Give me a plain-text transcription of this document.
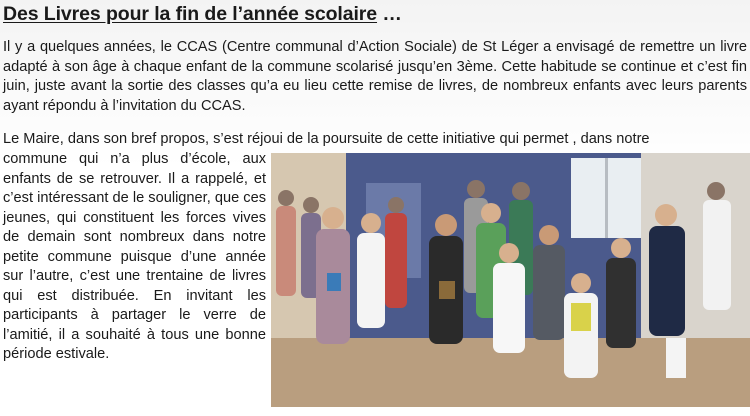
Des Livres pour la fin de l’année scolaire …

Il y a quelques années, le CCAS (Centre communal d’Action Sociale) de St Léger a envisagé de remettre un livre adapté à son âge à chaque enfant de la commune scolarisé jusqu’en 3ème. Cette habitude se continue et c’est fin juin, juste avant la sortie des classes qu’a eu lieu cette remise de livres, de nombreux enfants avec leurs parents ayant répondu à l’invitation du CCAS.

Le Maire, dans son bref propos, s’est réjoui de la poursuite de cette initiative qui permet , dans notre

commune qui n’a plus d’école, aux enfants de se retrouver. Il a rappelé, et c’est intéressant de le souligner, que ces jeunes, qui constituent les forces vives de demain sont nombreux dans notre petite commune puisque d’une année sur l’autre, c’est une trentaine de livres qui est distribuée. En invitant les participants à partager le verre de l’amitié, il a souhaité à tous une bonne période estivale.
